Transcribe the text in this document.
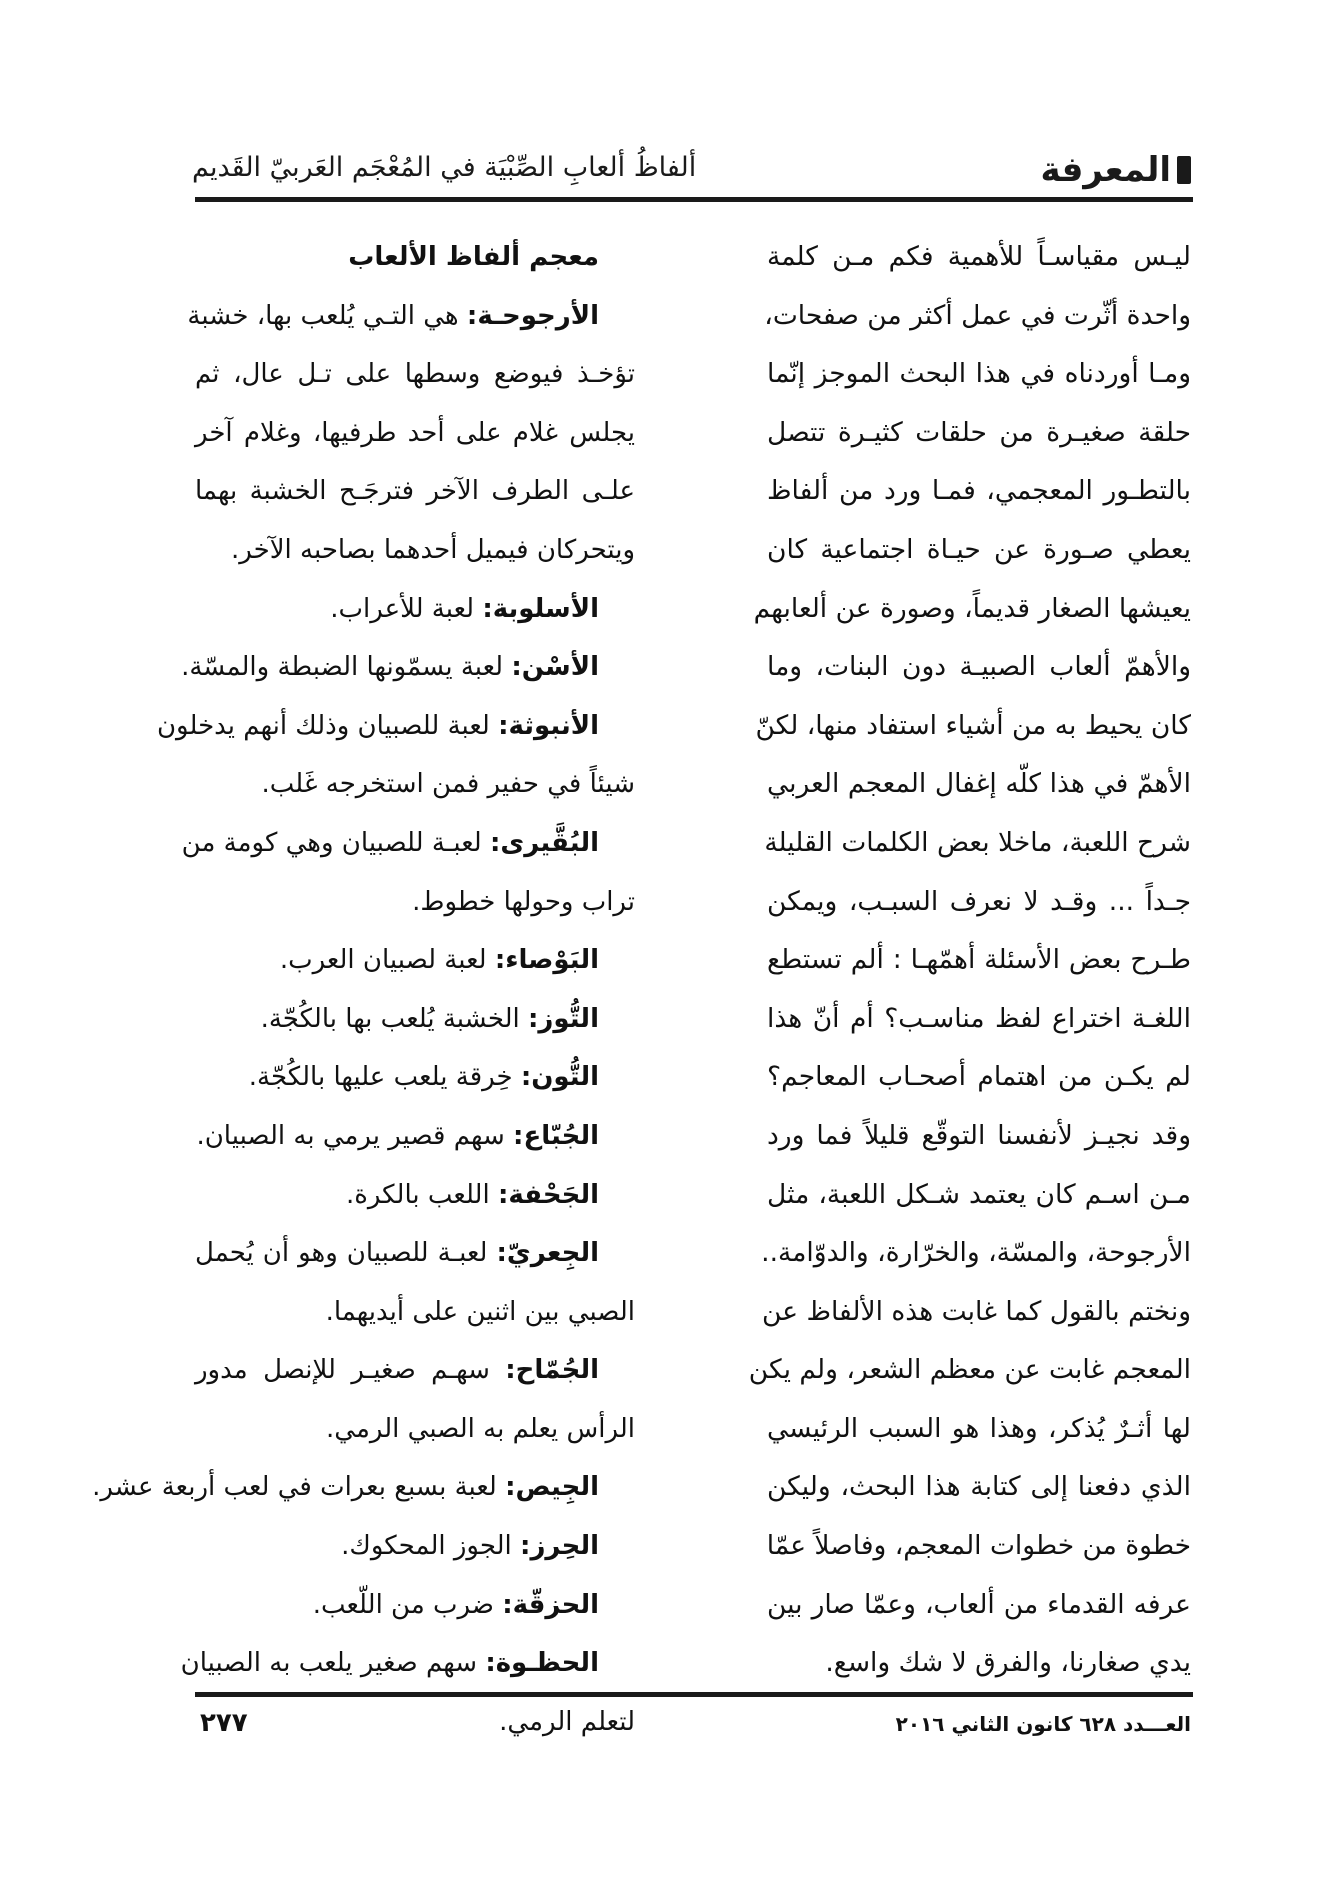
المعرفة
ألفاظُ ألعابِ الصِّبْيَة في المُعْجَم العَربيّ القَديم
ليـس مقياسـاً للأهمية فكم مـن كلمة
واحدة أثّرت في عمل أكثر من صفحات،
ومـا أوردناه في هذا البحث الموجز إنّما
حلقة صغيـرة من حلقات كثيـرة تتصل
بالتطـور المعجمي، فمـا ورد من ألفاظ
يعطي صـورة عن حيـاة اجتماعية كان
يعيشها الصغار قديماً، وصورة عن ألعابهم
والأهمّ ألعاب الصبيـة دون البنات، وما
كان يحيط به من أشياء استفاد منها، لكنّ
الأهمّ في هذا كلّه إغفال المعجم العربي
شرح اللعبة، ماخلا بعض الكلمات القليلة
جـداً ... وقـد لا نعرف السبـب، ويمكن
طـرح بعض الأسئلة أهمّهـا : ألم تستطع
اللغـة اختراع لفظ مناسـب؟ أم أنّ هذا
لم يكـن من اهتمام أصحـاب المعاجم؟
وقد نجيـز لأنفسنا التوقّع قليلاً فما ورد
مـن اسـم كان يعتمد شـكل اللعبة، مثل
الأرجوحة، والمسّة، والخرّارة، والدوّامة..
ونختم بالقول كما غابت هذه الألفاظ عن
المعجم غابت عن معظم الشعر، ولم يكن
لها أثـرٌ يُذكر، وهذا هو السبب الرئيسي
الذي دفعنا إلى كتابة هذا البحث، وليكن
خطوة من خطوات المعجم، وفاصلاً عمّا
عرفه القدماء من ألعاب، وعمّا صار بين
يدي صغارنا، والفرق لا شك واسع.
معجم ألفاظ الألعاب
الأرجوحـة: هي التـي يُلعب بها، خشبة
تؤخـذ فيوضع وسطها على تـل عال، ثم
يجلس غلام على أحد طرفيها، وغلام آخر
علـى الطرف الآخر فترجَـح الخشبة بهما
ويتحركان فيميل أحدهما بصاحبه الآخر.
الأسلوبة: لعبة للأعراب.
الأسْن: لعبة يسمّونها الضبطة والمسّة.
الأنبوثة: لعبة للصبيان وذلك أنهم يدخلون
شيئاً في حفير فمن استخرجه غَلب.
البُقَّيرى: لعبـة للصبيان وهي كومة من
تراب وحولها خطوط.
البَوْصاء: لعبة لصبيان العرب.
التُّوز: الخشبة يُلعب بها بالكُجّة.
التُّون: خِرقة يلعب عليها بالكُجّة.
الجُبّاع: سهم قصير يرمي به الصبيان.
الجَحْفة: اللعب بالكرة.
الجِعريّ: لعبـة للصبيان وهو أن يُحمل
الصبي بين اثنين على أيديهما.
الجُمّاح: سهـم صغيـر للإنصل مدور
الرأس يعلم به الصبي الرمي.
الجِيص: لعبة بسبع بعرات في لعب أربعة عشر.
الحِرز: الجوز المحكوك.
الحزقّة: ضرب من اللّعب.
الحظـوة: سهم صغير يلعب به الصبيان
لتعلم الرمي.	العـــدد ٦٢٨ كانون الثاني ٢٠١٦
٢٧٧
